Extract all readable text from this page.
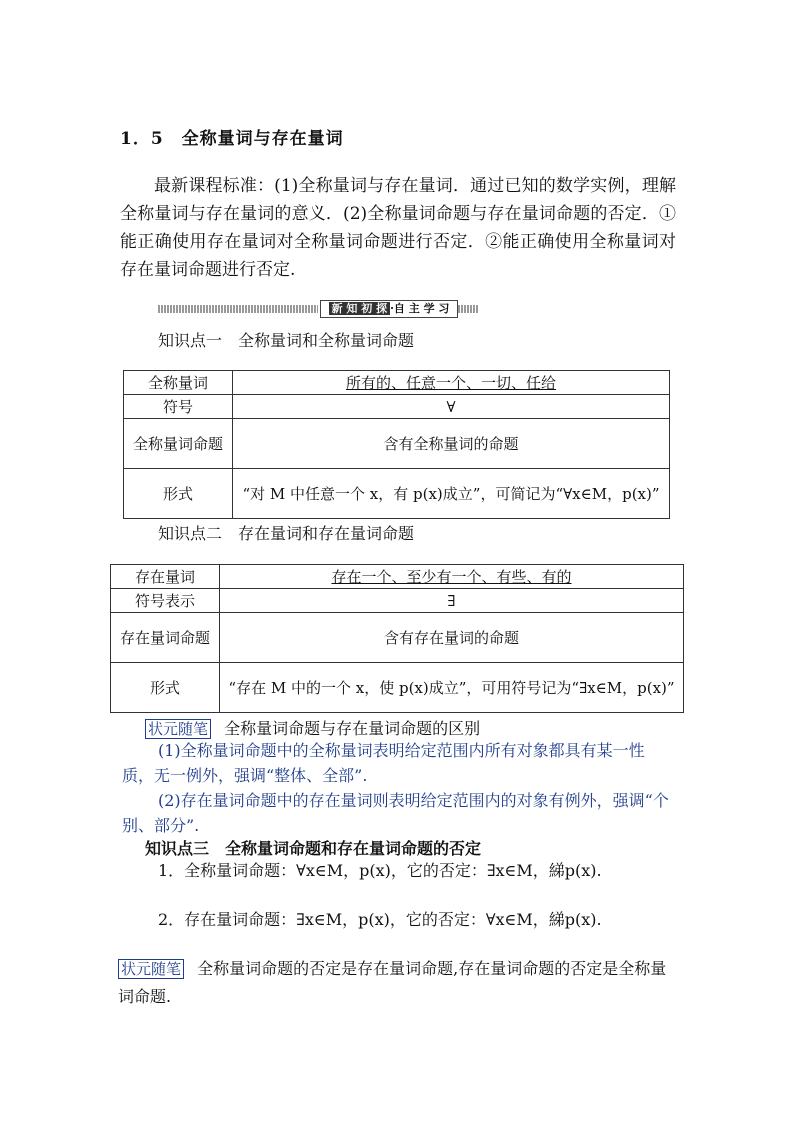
1．5　全称量词与存在量词
最新课程标准：(1)全称量词与存在量词．通过已知的数学实例，理解全称量词与存在量词的意义．(2)全称量词命题与存在量词命题的否定．①能正确使用存在量词对全称量词命题进行否定．②能正确使用全称量词对存在量词命题进行否定.
新 知 初 探 ·自 主 学 习
知识点一　全称量词和全称量词命题
全称量词	所有的、任意一个、一切、任给
符号	∀
全称量词命题	含有全称量词的命题
形式	“对 M 中任意一个 x，有 p(x)成立”，可简记为“∀x∈M，p(x)”
知识点二　存在量词和存在量词命题
存在量词	存在一个、至少有一个、有些、有的
符号表示	∃
存在量词命题	含有存在量词的命题
形式	“存在 M 中的一个 x，使 p(x)成立”，可用符号记为“∃x∈M，p(x)”
状元随笔 全称量词命题与存在量词命题的区别
(1)全称量词命题中的全称量词表明给定范围内所有对象都具有某一性质，无一例外，强调“整体、全部”.
(2)存在量词命题中的存在量词则表明给定范围内的对象有例外，强调“个别、部分”.
知识点三　全称量词命题和存在量词命题的否定
1．全称量词命题：∀x∈M，p(x)，它的否定：∃x∈M，綈p(x).
2．存在量词命题：∃x∈M，p(x)，它的否定：∀x∈M，綈p(x).
状元随笔 全称量词命题的否定是存在量词命题,存在量词命题的否定是全称量词命题.
